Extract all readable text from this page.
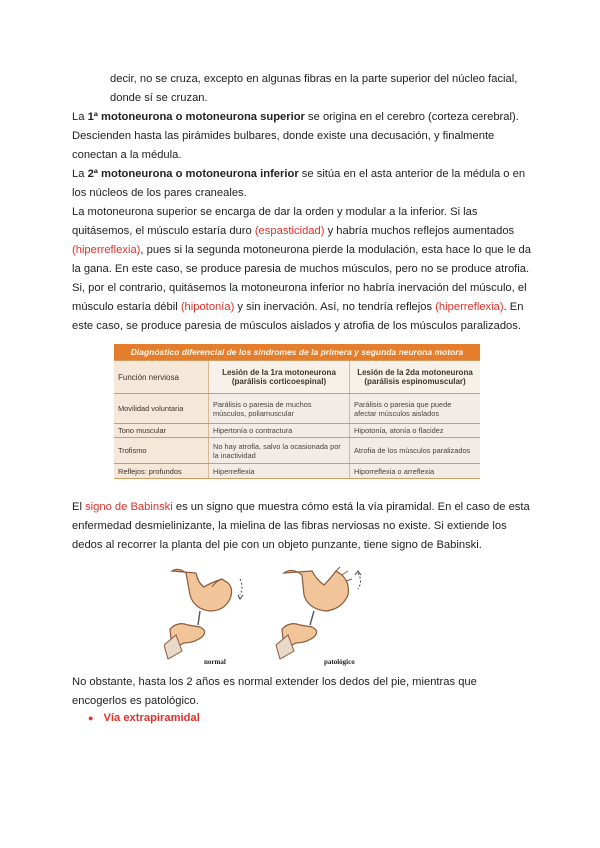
decir, no se cruza, excepto en algunas fibras en la parte superior del núcleo facial,

donde sí se cruzan.

La 1ª motoneurona o motoneurona superior se origina en el cerebro (corteza cerebral).

Descienden hasta las pirámides bulbares, donde existe una decusación, y finalmente

conectan a la médula.

La 2ª motoneurona o motoneurona inferior se sitúa en el asta anterior de la médula o en

los núcleos de los pares craneales.

La motoneurona superior se encarga de dar la orden y modular a la inferior. Si las

quitásemos, el músculo estaría duro (espasticidad) y habría muchos reflejos aumentados

(hiperreflexia), pues si la segunda motoneurona pierde la modulación, esta hace lo que le da

la gana. En este caso, se produce paresia de muchos músculos, pero no se produce atrofia.

Si, por el contrario, quitásemos la motoneurona inferior no habría inervación del músculo, el

músculo estaría débil (hipotonía) y sin inervación. Así, no tendría reflejos (hiperreflexia). En

este caso, se produce paresia de músculos aislados y atrofia de los músculos paralizados.

Diagnóstico diferencial de los síndromes de la primera y segunda neurona motora		
Función nerviosa	Lesión de la 1ra motoneurona (parálisis corticoespinal)	Lesión de la 2da motoneurona (parálisis espinomuscular)
Movilidad voluntaria	Parálisis o paresia de muchos músculos, poliamuscular	Parálisis o paresia que puede afectar músculos aislados
Tono muscular	Hipertonía o contractura	Hipotonía, atonía o flacidez
Trofismo	No hay atrofia, salvo la ocasionada por la inactividad	Atrofia de los músculos paralizados
Reflejos: profundos	Hiperreflexia	Hiporreflexia o arreflexia

El signo de Babinski es un signo que muestra cómo está la vía piramidal. En el caso de esta

enfermedad desmielinizante, la mielina de las fibras nerviosas no existe. Si extiende los

dedos al recorrer la planta del pie con un objeto punzante, tiene signo de Babinski.

normal	patológico

No obstante, hasta los 2 años es normal extender los dedos del pie, mientras que

encogerlos es patológico.

● Vía extrapiramidal
